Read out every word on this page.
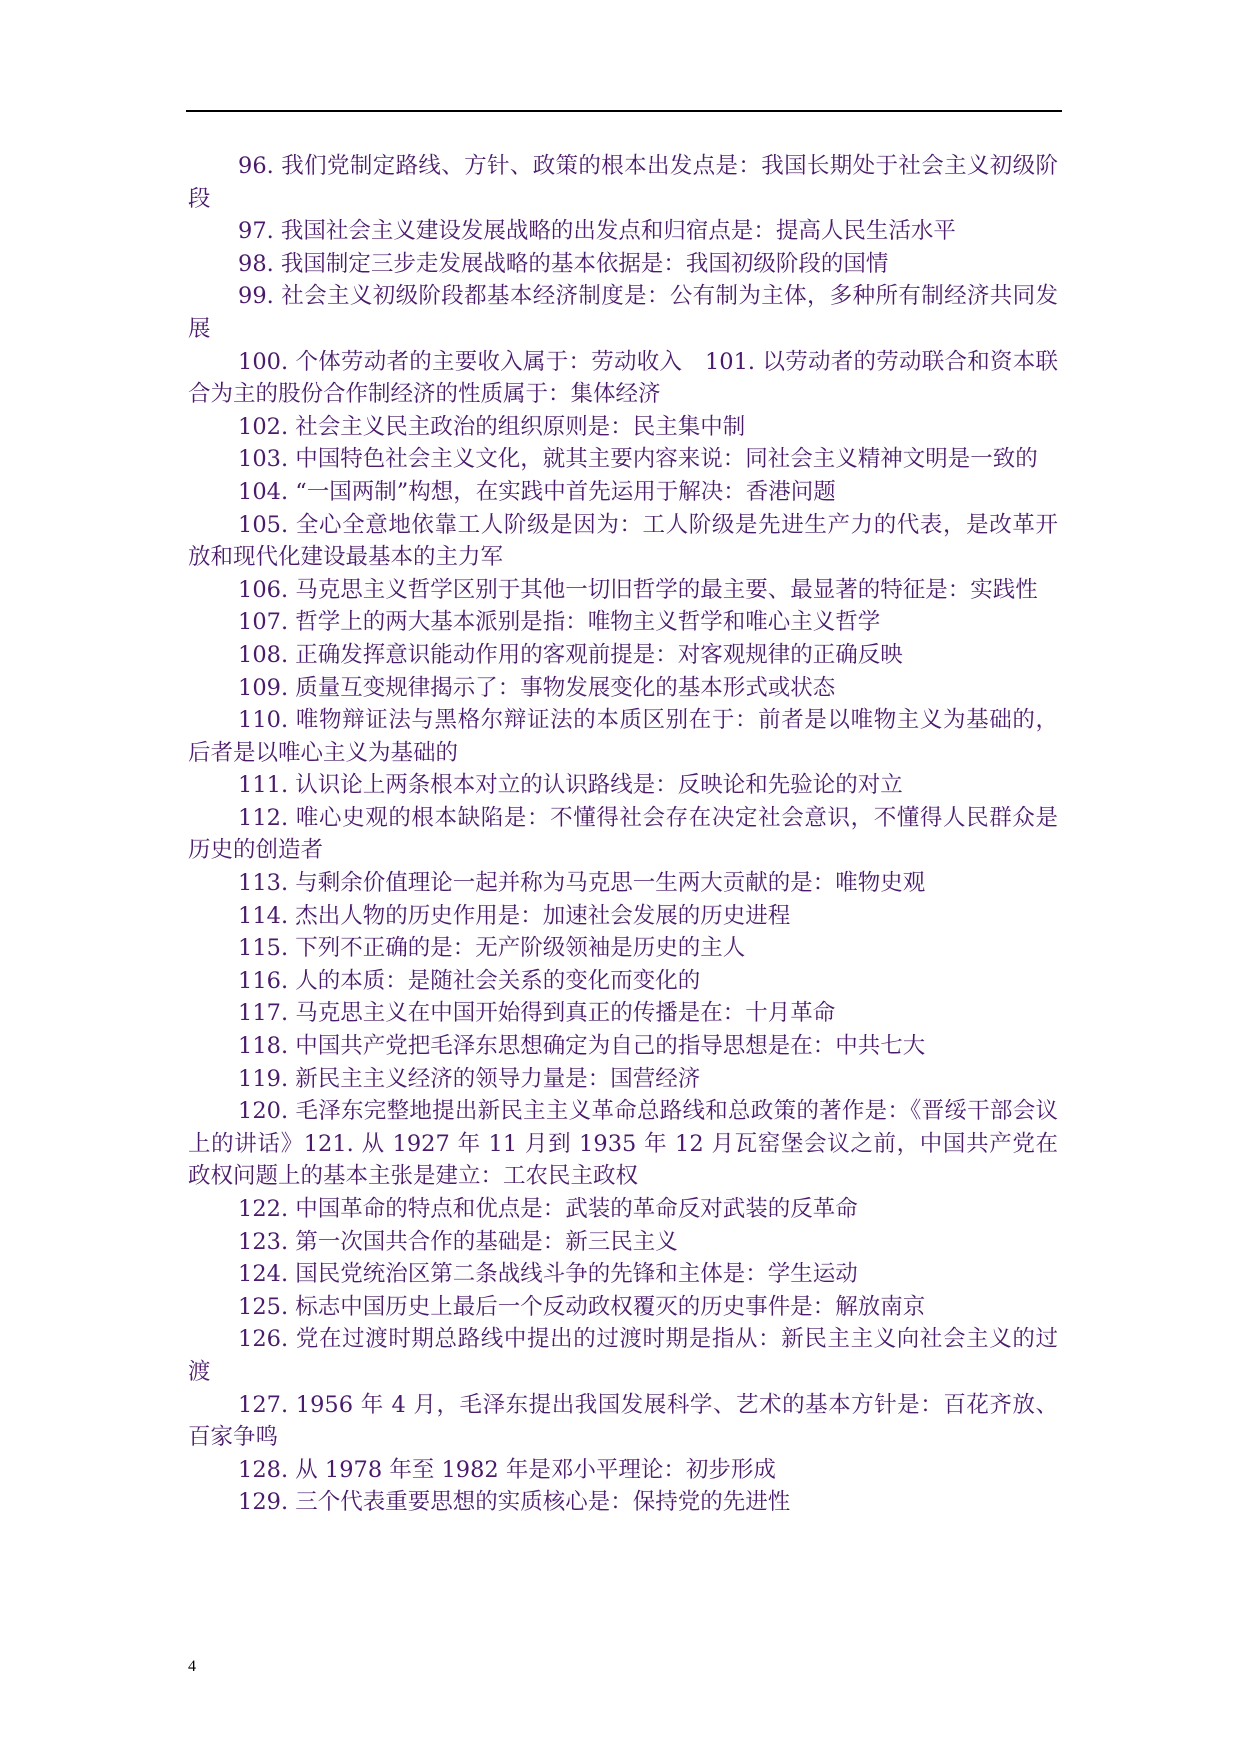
96. 我们党制定路线、方针、政策的根本出发点是：我国长期处于社会主义初级阶段

97. 我国社会主义建设发展战略的出发点和归宿点是：提高人民生活水平

98. 我国制定三步走发展战略的基本依据是：我国初级阶段的国情

99. 社会主义初级阶段都基本经济制度是：公有制为主体，多种所有制经济共同发展

100. 个体劳动者的主要收入属于：劳动收入　101. 以劳动者的劳动联合和资本联合为主的股份合作制经济的性质属于：集体经济

102. 社会主义民主政治的组织原则是：民主集中制

103. 中国特色社会主义文化，就其主要内容来说：同社会主义精神文明是一致的

104. “一国两制”构想，在实践中首先运用于解决：香港问题

105. 全心全意地依靠工人阶级是因为：工人阶级是先进生产力的代表，是改革开放和现代化建设最基本的主力军

106. 马克思主义哲学区别于其他一切旧哲学的最主要、最显著的特征是：实践性

107. 哲学上的两大基本派别是指：唯物主义哲学和唯心主义哲学

108. 正确发挥意识能动作用的客观前提是：对客观规律的正确反映

109. 质量互变规律揭示了：事物发展变化的基本形式或状态

110. 唯物辩证法与黑格尔辩证法的本质区别在于：前者是以唯物主义为基础的，后者是以唯心主义为基础的

111. 认识论上两条根本对立的认识路线是：反映论和先验论的对立

112. 唯心史观的根本缺陷是：不懂得社会存在决定社会意识，不懂得人民群众是历史的创造者

113. 与剩余价值理论一起并称为马克思一生两大贡献的是：唯物史观

114. 杰出人物的历史作用是：加速社会发展的历史进程

115. 下列不正确的是：无产阶级领袖是历史的主人

116. 人的本质：是随社会关系的变化而变化的

117. 马克思主义在中国开始得到真正的传播是在：十月革命

118. 中国共产党把毛泽东思想确定为自己的指导思想是在：中共七大

119. 新民主主义经济的领导力量是：国营经济

120. 毛泽东完整地提出新民主主义革命总路线和总政策的著作是：《晋绥干部会议上的讲话》121. 从 1927 年 11 月到 1935 年 12 月瓦窑堡会议之前，中国共产党在政权问题上的基本主张是建立：工农民主政权

122. 中国革命的特点和优点是：武装的革命反对武装的反革命

123. 第一次国共合作的基础是：新三民主义

124. 国民党统治区第二条战线斗争的先锋和主体是：学生运动

125. 标志中国历史上最后一个反动政权覆灭的历史事件是：解放南京

126. 党在过渡时期总路线中提出的过渡时期是指从：新民主主义向社会主义的过渡

127. 1956 年 4 月，毛泽东提出我国发展科学、艺术的基本方针是：百花齐放、百家争鸣

128. 从 1978 年至 1982 年是邓小平理论：初步形成

129. 三个代表重要思想的实质核心是：保持党的先进性

4
